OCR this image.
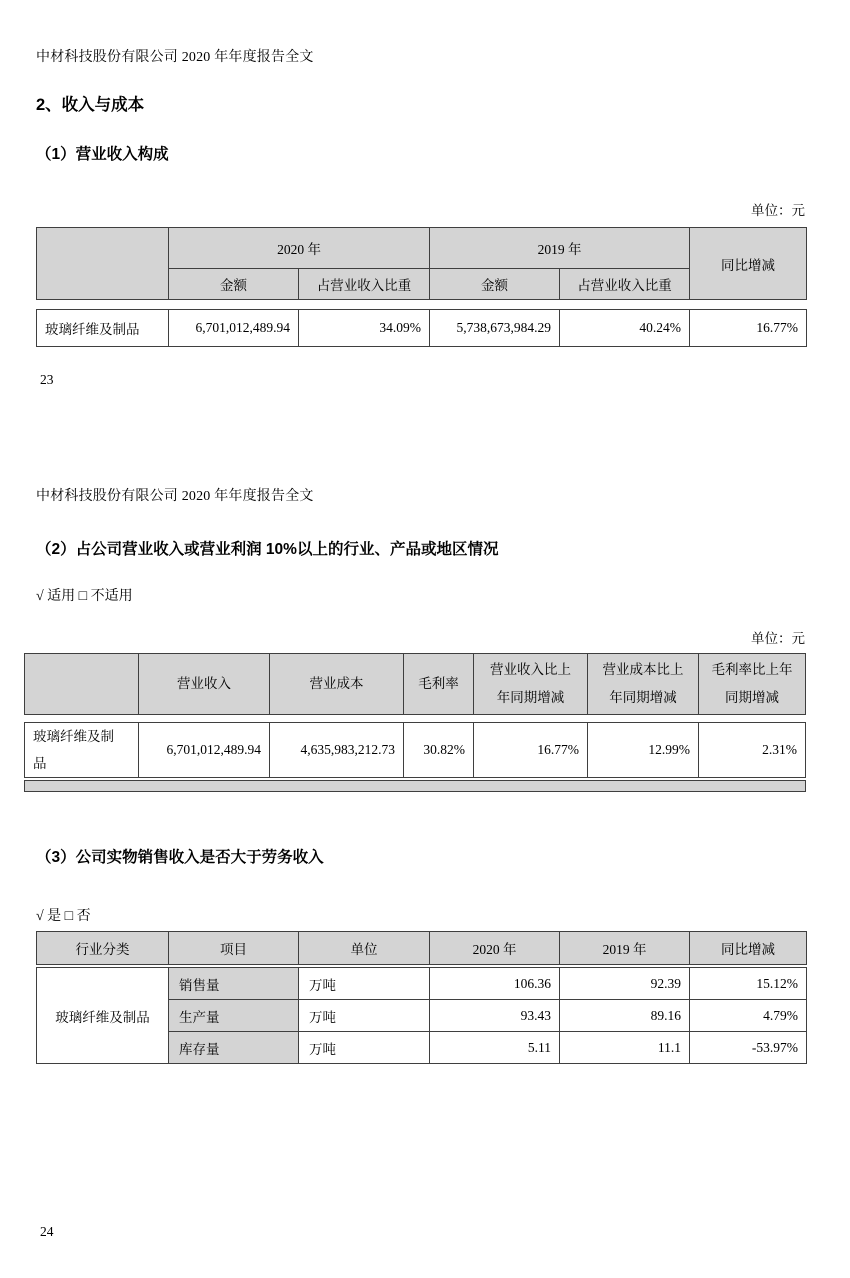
中材科技股份有限公司 2020 年年度报告全文
2、收入与成本
（1）营业收入构成
单位：元
	2020 年		2019 年		同比增减
	金额	占营业收入比重	金额	占营业收入比重	
玻璃纤维及制品	6,701,012,489.94	34.09%	5,738,673,984.29	40.24%	16.77%
23
中材科技股份有限公司 2020 年年度报告全文
（2）占公司营业收入或营业利润 10%以上的行业、产品或地区情况
√ 适用 □ 不适用
单位：元
	营业收入	营业成本	毛利率	营业收入比上年同期增减	营业成本比上年同期增减	毛利率比上年同期增减
玻璃纤维及制品	6,701,012,489.94	4,635,983,212.73	30.82%	16.77%	12.99%	2.31%
（3）公司实物销售收入是否大于劳务收入
√ 是 □ 否
行业分类	项目	单位	2020 年	2019 年	同比增减
玻璃纤维及制品	销售量	万吨	106.36	92.39	15.12%
	生产量	万吨	93.43	89.16	4.79%
	库存量	万吨	5.11	11.1	-53.97%
24
